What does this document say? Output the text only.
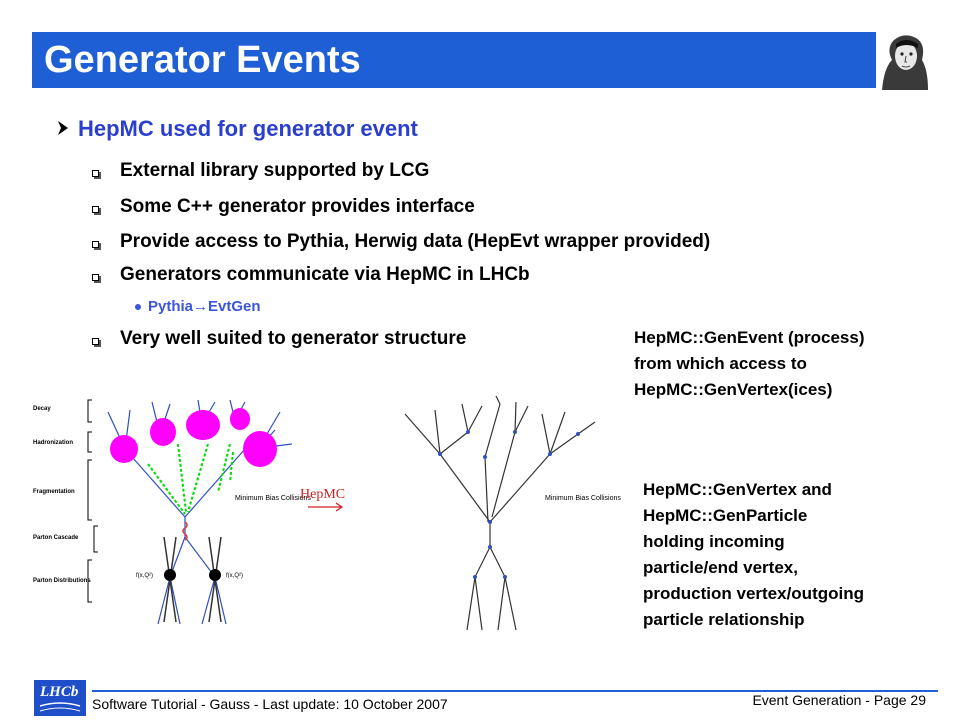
Generator Events
HepMC used for generator event
External library supported by LCG
Some C++ generator provides interface
Provide access to Pythia, Herwig data (HepEvt wrapper provided)
Generators communicate via HepMC in LHCb
Pythia→EvtGen
Very well suited to generator structure	HepMC::GenEvent (process)
from which access to
HepMC::GenVertex(ices)
HepMC::GenVertex and
HepMC::GenParticle
holding incoming
particle/end vertex,
production vertex/outgoing
particle relationship
Decay
Hadronization
Fragmentation
Parton Cascade
Parton Distributions
f(x,Q²)	f(x,Q²)
Minimum Bias Collisions
HepMC	Minimum Bias Collisions
LHCb
Software Tutorial - Gauss - Last update: 10 October 2007	Event Generation - Page 29
